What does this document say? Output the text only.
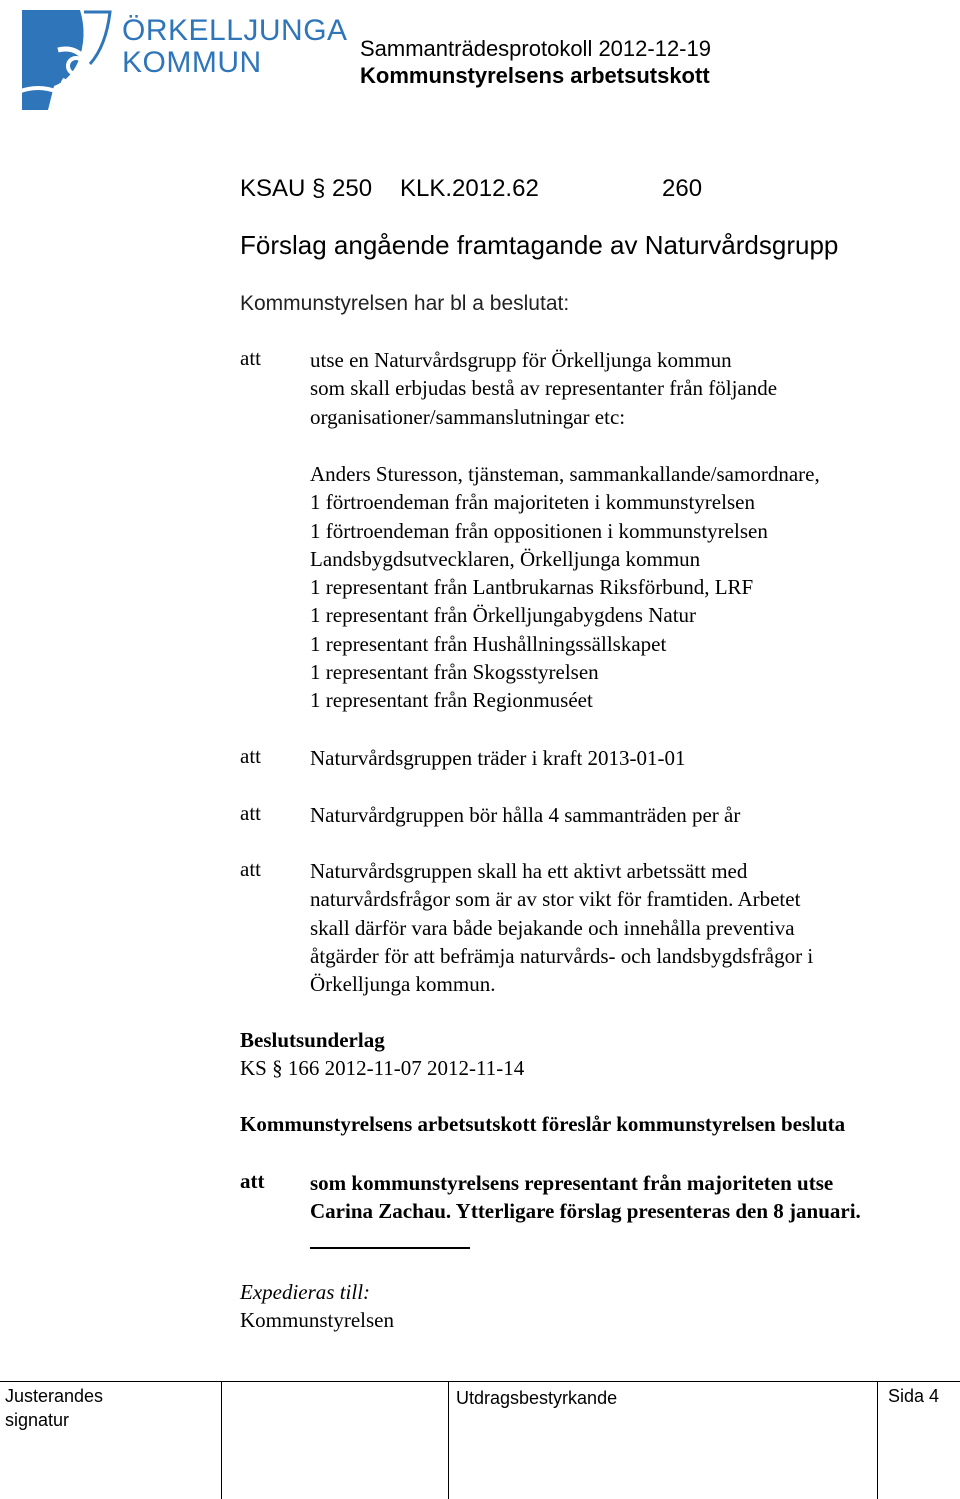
ÖRKELLJUNGA
KOMMUN	Sammanträdesprotokoll 2012-12-19
Kommunstyrelsens arbetsutskott
KSAU § 250 KLK.2012.62	260
Förslag angående framtagande av Naturvårdsgrupp
Kommunstyrelsen har bl a beslutat:
att utse en Naturvårdsgrupp för Örkelljunga kommun
som skall erbjudas bestå av representanter från följande
organisationer/sammanslutningar etc:
Anders Sturesson, tjänsteman, sammankallande/samordnare,
1 förtroendeman från majoriteten i kommunstyrelsen
1 förtroendeman från oppositionen i kommunstyrelsen
Landsbygdsutvecklaren, Örkelljunga kommun
1 representant från Lantbrukarnas Riksförbund, LRF
1 representant från Örkelljungabygdens Natur
1 representant från Hushållningssällskapet
1 representant från Skogsstyrelsen
1 representant från Regionmuséet
att Naturvårdsgruppen träder i kraft 2013-01-01
att Naturvårdgruppen bör hålla 4 sammanträden per år
att Naturvårdsgruppen skall ha ett aktivt arbetssätt med
naturvårdsfrågor som är av stor vikt för framtiden. Arbetet
skall därför vara både bejakande och innehålla preventiva
åtgärder för att befrämja naturvårds- och landsbygdsfrågor i
Örkelljunga kommun.
Beslutsunderlag
KS § 166 2012-11-07 2012-11-14
Kommunstyrelsens arbetsutskott föreslår kommunstyrelsen besluta
att som kommunstyrelsens representant från majoriteten utse
Carina Zachau. Ytterligare förslag presenteras den 8 januari.
Expedieras till:
Kommunstyrelsen
Justerandes
signatur
Utdragsbestyrkande	Sida 4
